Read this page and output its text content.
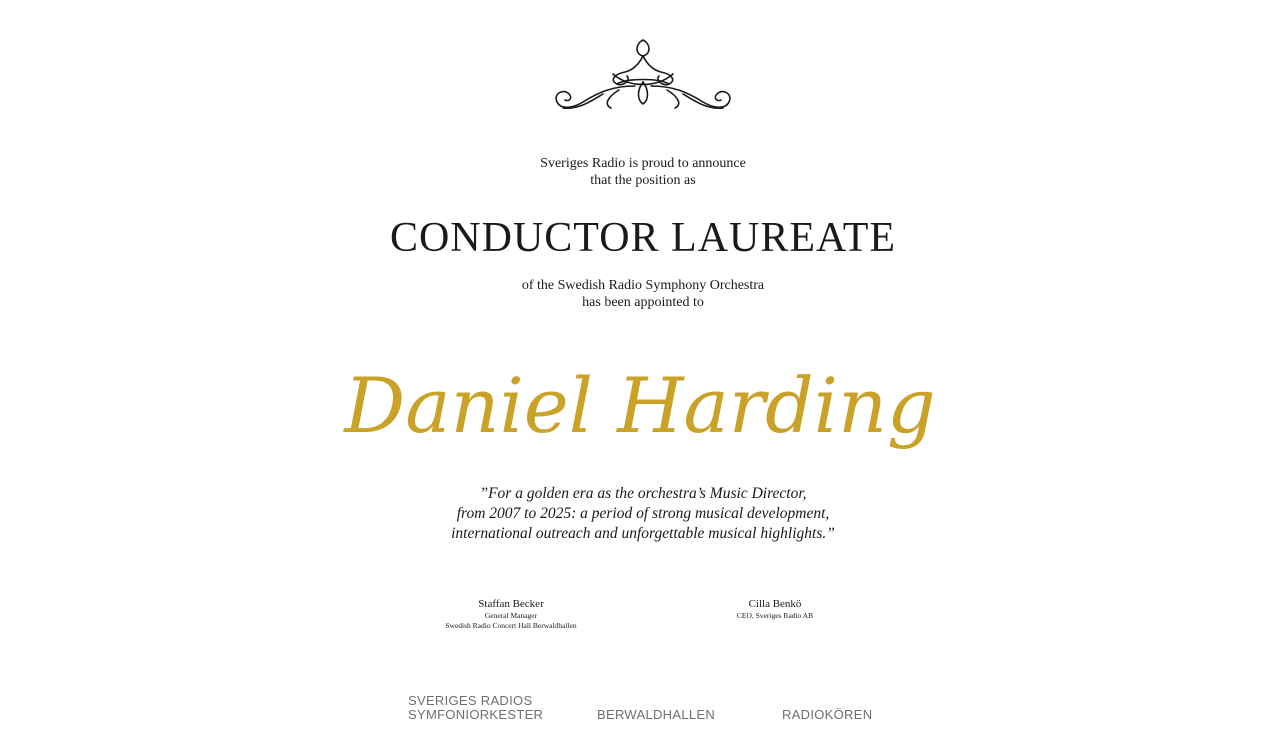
Sveriges Radio is proud to announce
that the position as
CONDUCTOR LAUREATE
of the Swedish Radio Symphony Orchestra
has been appointed to
Daniel Harding
”For a golden era as the orchestra’s Music Director,
from 2007 to 2025: a period of strong musical development,
international outreach and unforgettable musical highlights.”
Staffan Becker
General Manager
Swedish Radio Concert Hall Berwaldhallen
Cilla Benkö
CEO, Sveriges Radio AB
SVERIGES RADIOS
SYMFONIORKESTER	BERWALDHALLEN	RADIOKÖREN
